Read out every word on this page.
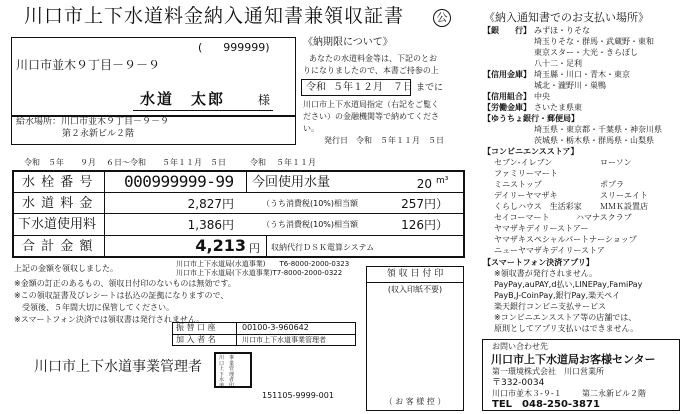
川口市上下水道料金納入通知書兼領収証書	公
(      999999)
川口市並木９丁目－９－９
水道　太郎	様
給水場所：川口市並木９丁目－９－９
第２永新ビル２階
《納期限について》
あなたの水道料金等は、下記のとお
りになりましたので、本書ご持参の上
令和 ５年１２月　７日 までに
川口市上下水道局指定（右記をご覧く
ださい）の金融機関等で納めてくださ
い。
発行日　令和　５年１１月　５日
令和 ５年 ９月 ６日～令和 ５年１１月 ５日	令和 ５年１１月
水 栓 番 号 000999999-99 今回使用水量	20 m³
水 道 料 金	2,827円	（うち消費税(10%)相当額	257円）
下水道使用料	1,386円	（うち消費税(10%)相当額	126円）
合 計 金 額	4,213 円 収納代行ＤＳＫ電算システム
上記の金額を領収しました。	川口市上下水道局(水道事業)　　T6-8000-2000-0323
川口市上下水道局(下水道事業)T7-8000-2000-0322
※金額の訂正のあるもの、領収日付印のないものは無効です。
※この領収証書及びレシートは払込の証拠になりますので、
　受領後、５年間大切に保管してください。
※スマートフォン決済では領収書は発行されません。
領 収 日 付 印
(収入印紙不要)
（ お 客 様 控 ）
振 替 口 座	00100-3-960642
加 入 者 名	川口市上下水道事業管理者
川口市上下水道事業管理者
川口上下水道
事業管理者印
151105-9999-001
《納入通知書でのお支払い場所》
【銀　　行】 みずほ・りそな
埼玉りそな・群馬・武蔵野・東和
東京スター・大光・きらぼし
八十二・足利
【信用金庫】 埼玉縣・川口・青木・東京
城北・瀧野川・巣鴨
【信用組合】 中央
【労働金庫】 さいたま県東
【ゆうちょ銀行・郵便局】
埼玉県・東京都・千葉県・神奈川県
茨城県・栃木県・群馬県・山梨県
【コンビニエンスストア】
セブン‐イレブン	ローソン
ファミリーマート
ミニストップ	ポプラ
デイリーヤマザキ	スリーエイト
くらしハウス　生活彩家 ＭＭＫ設置店
セイコーマート	ハマナスクラブ
ヤマザキデイリーストアー
ヤマザキスペシャルパートナーショップ
ニューヤマザキデイリーストア
【スマートフォン決済アプリ】
※領収書が発行されません。
PayPay,auPAY,d払い,LINEPay,FamiPay
PayB,J-CoinPay,銀行Pay,楽天ペイ
楽天銀行コンビニ支払サービス
※コンビニエンスストア等の店舗では、
原則としてアプリ支払いはできません。
お問い合わせ先
川口市上下水道局お客様センター
第一環境株式会社　川口営業所
〒332-0034
川口市並木３-９-１	第二永新ビル２階
TEL　048-250-3871
